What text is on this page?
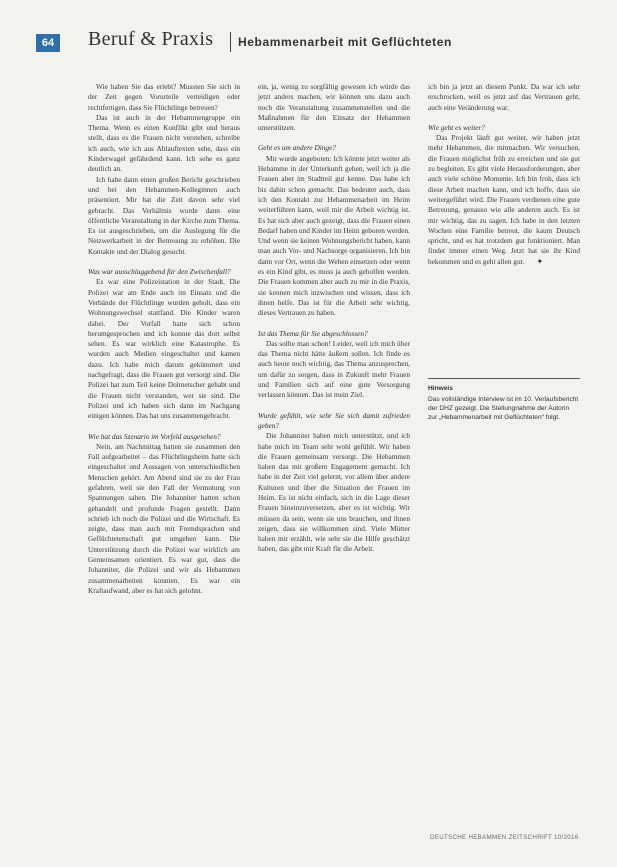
64 Beruf & Praxis Hebammenarbeit mit Geflüchteten

Wie haben Sie das erlebt? Mussten Sie sich in der Zeit gegen Vorurteile verteidigen oder rechtfertigen, dass Sie Flüchtlinge betreuen?

Das ist auch in der Hebammengruppe ein Thema. Wenn es einen Konflikt gibt und heraus stellt, dass es die Frauen nicht verstehen, schreibe ich auch, wie ich aus Ablauftexten sehe, dass ein Kinderwagel gefährdend kann. Ich sehe es ganz deutlich an.

Ich habe dann einen großen Bericht geschrieben und bei den Hebammen-Kolleginnen auch präsentiert. Mir hat die Zeit davon sehr viel gebracht. Das Verhältnis wurde dann eine öffentliche Veranstaltung in der Kirche zum Thema. Es ist ausgeschrieben, um die Auslegung für die Netzwerkarbeit in der Betreuung zu erhöhen. Die Kontakte und der Dialog gesucht.

Was war ausschlaggebend für den Zwischenfall?

Es war eine Polizeistation in der Stadt. Die Polizei war am Ende auch im Einsatz und die Verbände der Flüchtlinge wurden geholt, dass ein Wohnungswechsel stattfand. Die Kinder waren dabei. Der Vorfall hatte sich schon herumgesprochen und ich konnte das dort selbst sehen. Es war wirklich eine Katastrophe. Es wurden auch Medien eingeschaltet und kamen dazu. Ich habe mich darum gekümmert und nachgefragt, dass die Frauen gut versorgt sind. Die Polizei hat zum Teil keine Dolmetscher gehabt und die Frauen nicht verstanden, wer sie sind. Die Polizei und ich haben sich dann im Nachgang einigen können. Das hat uns zusammengebracht.

Wie hat das Szenario im Vorfeld ausgesehen?

Nein, am Nachmittag hatten sie zusammen den Fall aufgearbeitet – das Flüchtlingsheim hatte sich eingeschaltet und Aussagen von unterschiedlichen Menschen gehört. Am Abend sind sie zu der Frau gefahren, weil sie den Fall der Vermutung von Spannungen sahen. Die Johanniter hatten schon gehandelt und profunde Fragen gestellt. Dann schrieb ich noch die Polizei und die Wirtschaft. Es zeigte, dass man auch mit Fremdsprachen und Geflüchtetenschaft gut umgehen kann. Die Unterstützung durch die Polizei war wirklich am Gemeinsamen orientiert. Es war gut, dass die Johanniter, die Polizei und wir als Hebammen zusammenarbeiten konnten. Es war ein Kraftaufwand, aber es hat sich gelohnt.

ein, ja, wenig zu sorgfältig gewesen ich würde das jetzt anders machen, wir können uns dazu auch noch die Veranstaltung zusammenstellen und die Maßnahmen für den Einsatz der Hebammen unterstützen.

Geht es um andere Dinge?

Mir wurde angeboten: Ich könnte jetzt weiter als Hebamme in der Unterkunft gehen, weil ich ja die Frauen aber im Stadtteil gut kenne. Das habe ich bis dahin schon gemacht. Das bedeutet auch, dass ich den Kontakt zur Hebammenarbeit im Heim weiterführen kann, weil mir die Arbeit wichtig ist. Es hat sich aber auch gezeigt, dass die Frauen einen Bedarf haben und Kinder im Heim geboren werden. Und wenn sie keinen Wohnungsbericht haben, kann man auch Vor- und Nachsorge organisieren. Ich bin dann vor Ort, wenn die Wehen einsetzen oder wenn es ein Kind gibt, es muss ja auch geholfen werden. Die Frauen kommen aber auch zu mir in die Praxis, sie kennen mich inzwischen und wissen, dass ich ihnen helfe. Das ist für die Arbeit sehr wichtig, dieses Vertrauen zu haben.

Ist das Thema für Sie abgeschlossen?

Das sollte man schon! Leider, weil ich mich über das Thema nicht hätte äußern sollen. Ich finde es auch heute noch wichtig, das Thema anzusprechen, um dafür zu sorgen, dass in Zukunft mehr Frauen und Familien sich auf eine gute Versorgung verlassen können. Das ist mein Ziel.

Wurde gefühlt, wie sehr Sie sich damit zufrieden geben?

Die Johanniter haben mich unterstützt, und ich habe mich im Team sehr wohl gefühlt. Wir haben die Frauen gemeinsam versorgt. Die Hebammen haben das mit großem Engagement gemacht. Ich habe in der Zeit viel gelernt, vor allem über andere Kulturen und über die Situation der Frauen im Heim. Es ist nicht einfach, sich in die Lage dieser Frauen hineinzuversetzen, aber es ist wichtig. Wir müssen da sein, wenn sie uns brauchen, und ihnen zeigen, dass sie willkommen sind. Viele Mütter haben mir erzählt, wie sehr sie die Hilfe geschätzt haben, das gibt mir Kraft für die Arbeit.

ich bin ja jetzt an diesem Punkt. Da war ich sehr erschrocken, weil es jetzt auf das Vertrauen geht, auch eine Veränderung war.

Wie geht es weiter?

Das Projekt läuft gut weiter, wir haben jetzt mehr Hebammen, die mitmachen. Wir versuchen, die Frauen möglichst früh zu erreichen und sie gut zu begleiten. Es gibt viele Herausforderungen, aber auch viele schöne Momente. Ich bin froh, dass ich diese Arbeit machen kann, und ich hoffe, dass sie weitergeführt wird. Die Frauen verdienen eine gute Betreuung, genauso wie alle anderen auch. Es ist mir wichtig, das zu sagen. Ich habe in den letzten Wochen eine Familie betreut, die kaum Deutsch spricht, und es hat trotzdem gut funktioniert. Man findet immer einen Weg. Jetzt hat sie ihr Kind bekommen und es geht allen gut. ✦

Hinweis
Das vollständige Interview ist im 10. Verlaufsbericht der DHZ gezeigt. Die Stellungnahme der Autorin zur „Hebammenarbeit mit Geflüchteten“ folgt.
DEUTSCHE HEBAMMEN ZEITSCHRIFT 10/2016
